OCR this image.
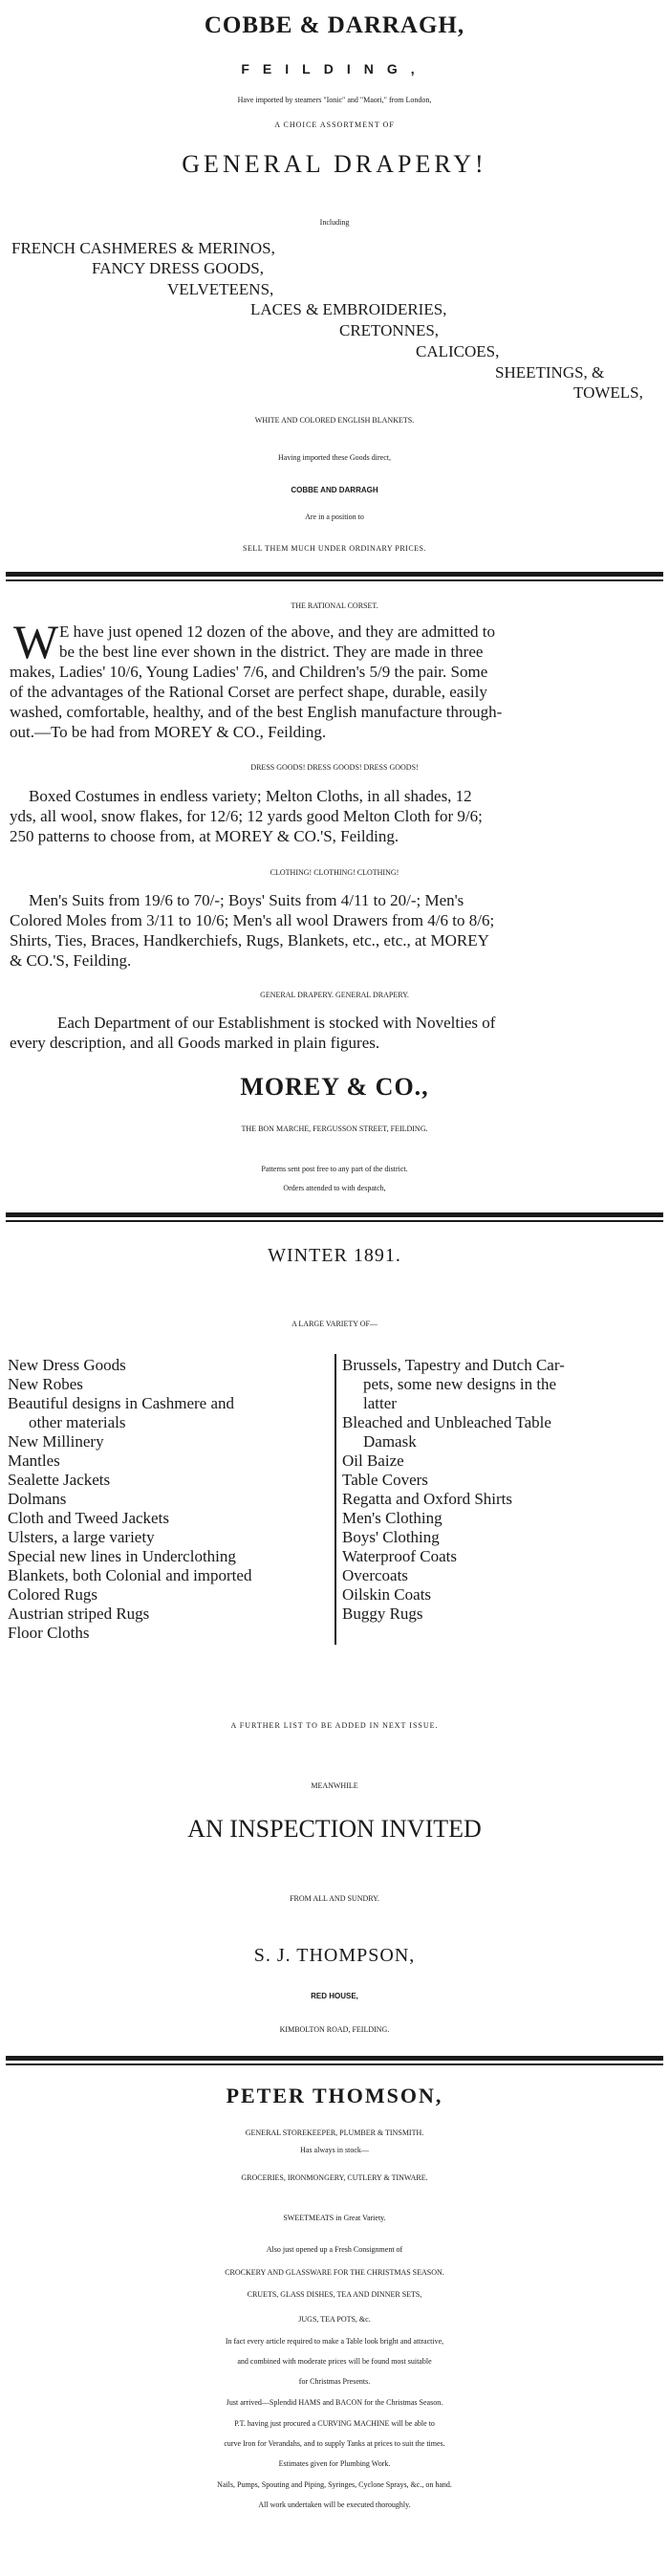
COBBE & DARRAGH,
FEILDING,
Have imported by steamers "Ionic" and "Maori," from London,
A CHOICE ASSORTMENT OF
GENERAL DRAPERY!
Including
FRENCH CASHMERES & MERINOS,
FANCY DRESS GOODS,
VELVETEENS,
LACES & EMBROIDERIES,
CRETONNES,
CALICOES,
SHEETINGS, &
TOWELS,
WHITE AND COLORED ENGLISH BLANKETS.
Having imported these Goods direct,
COBBE AND DARRAGH
Are in a position to
SELL THEM MUCH UNDER ORDINARY PRICES.
THE RATIONAL CORSET.
W E have just opened 12 dozen of the above, and they are admitted to
be the best line ever shown in the district. They are made in three
makes, Ladies' 10/6, Young Ladies' 7/6, and Children's 5/9 the pair. Some
of the advantages of the Rational Corset are perfect shape, durable, easily
washed, comfortable, healthy, and of the best English manufacture through-
out.—To be had from MOREY & CO., Feilding.
DRESS GOODS! DRESS GOODS! DRESS GOODS!
Boxed Costumes in endless variety; Melton Cloths, in all shades, 12
yds, all wool, snow flakes, for 12/6; 12 yards good Melton Cloth for 9/6;
250 patterns to choose from, at MOREY & CO.'S, Feilding.
CLOTHING! CLOTHING! CLOTHING!
Men's Suits from 19/6 to 70/-; Boys' Suits from 4/11 to 20/-; Men's
Colored Moles from 3/11 to 10/6; Men's all wool Drawers from 4/6 to 8/6;
Shirts, Ties, Braces, Handkerchiefs, Rugs, Blankets, etc., etc., at MOREY
& CO.'S, Feilding.
GENERAL DRAPERY. GENERAL DRAPERY.
Each Department of our Establishment is stocked with Novelties of
every description, and all Goods marked in plain figures.
MOREY & CO.,
THE BON MARCHE, FERGUSSON STREET, FEILDING.
Patterns sent post free to any part of the district.
Orders attended to with despatch,
WINTER 1891.
A LARGE VARIETY OF—
New Dress Goods
New Robes
Beautiful designs in Cashmere and
other materials
New Millinery
Mantles
Sealette Jackets
Dolmans
Cloth and Tweed Jackets
Ulsters, a large variety
Special new lines in Underclothing
Blankets, both Colonial and imported
Colored Rugs
Austrian striped Rugs
Floor Cloths
Brussels, Tapestry and Dutch Car-
pets, some new designs in the
latter
Bleached and Unbleached Table
Damask
Oil Baize
Table Covers
Regatta and Oxford Shirts
Men's Clothing
Boys' Clothing
Waterproof Coats
Overcoats
Oilskin Coats
Buggy Rugs
A FURTHER LIST TO BE ADDED IN NEXT ISSUE.
MEANWHILE
AN INSPECTION INVITED
FROM ALL AND SUNDRY.
S. J. THOMPSON,
RED HOUSE,
KIMBOLTON ROAD, FEILDING.
PETER THOMSON,
GENERAL STOREKEEPER, PLUMBER & TINSMITH.
Has always in stock—
GROCERIES, IRONMONGERY, CUTLERY & TINWARE.
SWEETMEATS in Great Variety.
Also just opened up a Fresh Consignment of
CROCKERY AND GLASSWARE FOR THE CHRISTMAS SEASON.
CRUETS, GLASS DISHES, TEA AND DINNER SETS,
JUGS, TEA POTS, &c.
In fact every article required to make a Table look bright and attractive,
and combined with moderate prices will be found most suitable
for Christmas Presents.
Just arrived—Splendid HAMS and BACON for the Christmas Season.
P.T. having just procured a CURVING MACHINE will be able to
curve Iron for Verandahs, and to supply Tanks at prices to suit the times.
Estimates given for Plumbing Work.
Nails, Pumps, Spouting and Piping, Syringes, Cyclone Sprays, &c., on hand.
All work undertaken will be executed thoroughly.
